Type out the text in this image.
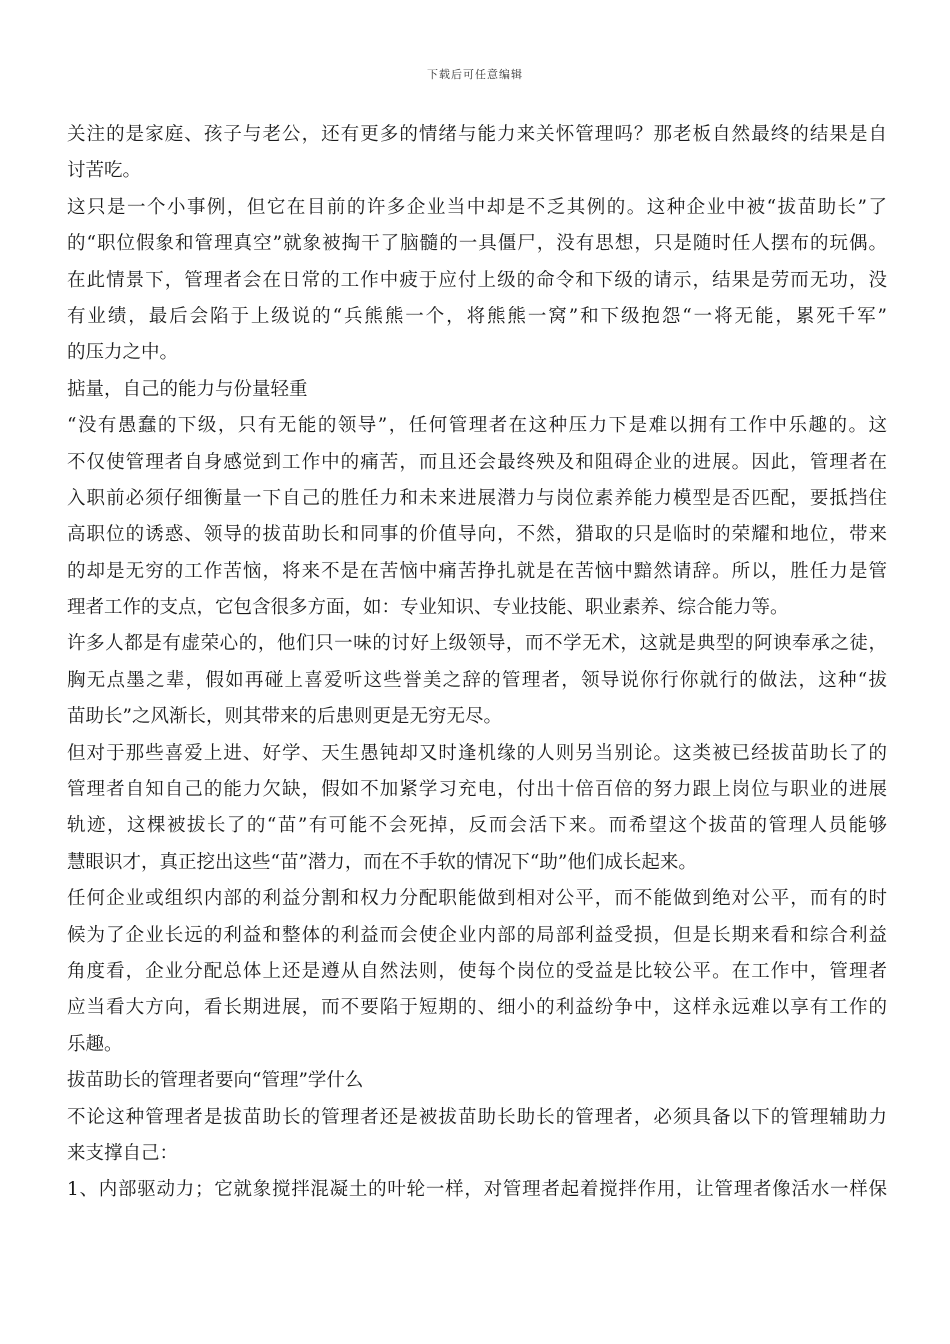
下载后可任意编辑
关注的是家庭、孩子与老公，还有更多的情绪与能力来关怀管理吗？那老板自然最终的结果是自
讨苦吃。
这只是一个小事例，但它在目前的许多企业当中却是不乏其例的。这种企业中被“拔苗助长”了
的“职位假象和管理真空”就象被掏干了脑髓的一具僵尸，没有思想，只是随时任人摆布的玩偶。
在此情景下，管理者会在日常的工作中疲于应付上级的命令和下级的请示，结果是劳而无功，没
有业绩，最后会陷于上级说的“兵熊熊一个，将熊熊一窝”和下级抱怨“一将无能，累死千军”
的压力之中。
掂量，自己的能力与份量轻重
“没有愚蠢的下级，只有无能的领导”，任何管理者在这种压力下是难以拥有工作中乐趣的。这
不仅使管理者自身感觉到工作中的痛苦，而且还会最终殃及和阻碍企业的进展。因此，管理者在
入职前必须仔细衡量一下自己的胜任力和未来进展潜力与岗位素养能力模型是否匹配，要抵挡住
高职位的诱惑、领导的拔苗助长和同事的价值导向，不然，猎取的只是临时的荣耀和地位，带来
的却是无穷的工作苦恼，将来不是在苦恼中痛苦挣扎就是在苦恼中黯然请辞。所以，胜任力是管
理者工作的支点，它包含很多方面，如：专业知识、专业技能、职业素养、综合能力等。
许多人都是有虚荣心的，他们只一味的讨好上级领导，而不学无术，这就是典型的阿谀奉承之徒，
胸无点墨之辈，假如再碰上喜爱听这些誉美之辞的管理者，领导说你行你就行的做法，这种“拔
苗助长”之风渐长，则其带来的后患则更是无穷无尽。
但对于那些喜爱上进、好学、天生愚钝却又时逢机缘的人则另当别论。这类被已经拔苗助长了的
管理者自知自己的能力欠缺，假如不加紧学习充电，付出十倍百倍的努力跟上岗位与职业的进展
轨迹，这棵被拔长了的“苗”有可能不会死掉，反而会活下来。而希望这个拔苗的管理人员能够
慧眼识才，真正挖出这些“苗”潜力，而在不手软的情况下“助”他们成长起来。
任何企业或组织内部的利益分割和权力分配职能做到相对公平，而不能做到绝对公平，而有的时
候为了企业长远的利益和整体的利益而会使企业内部的局部利益受损，但是长期来看和综合利益
角度看，企业分配总体上还是遵从自然法则，使每个岗位的受益是比较公平。在工作中，管理者
应当看大方向，看长期进展，而不要陷于短期的、细小的利益纷争中，这样永远难以享有工作的
乐趣。
拔苗助长的管理者要向“管理”学什么
不论这种管理者是拔苗助长的管理者还是被拔苗助长助长的管理者，必须具备以下的管理辅助力
来支撑自己：
1、内部驱动力；它就象搅拌混凝土的叶轮一样，对管理者起着搅拌作用，让管理者像活水一样保
